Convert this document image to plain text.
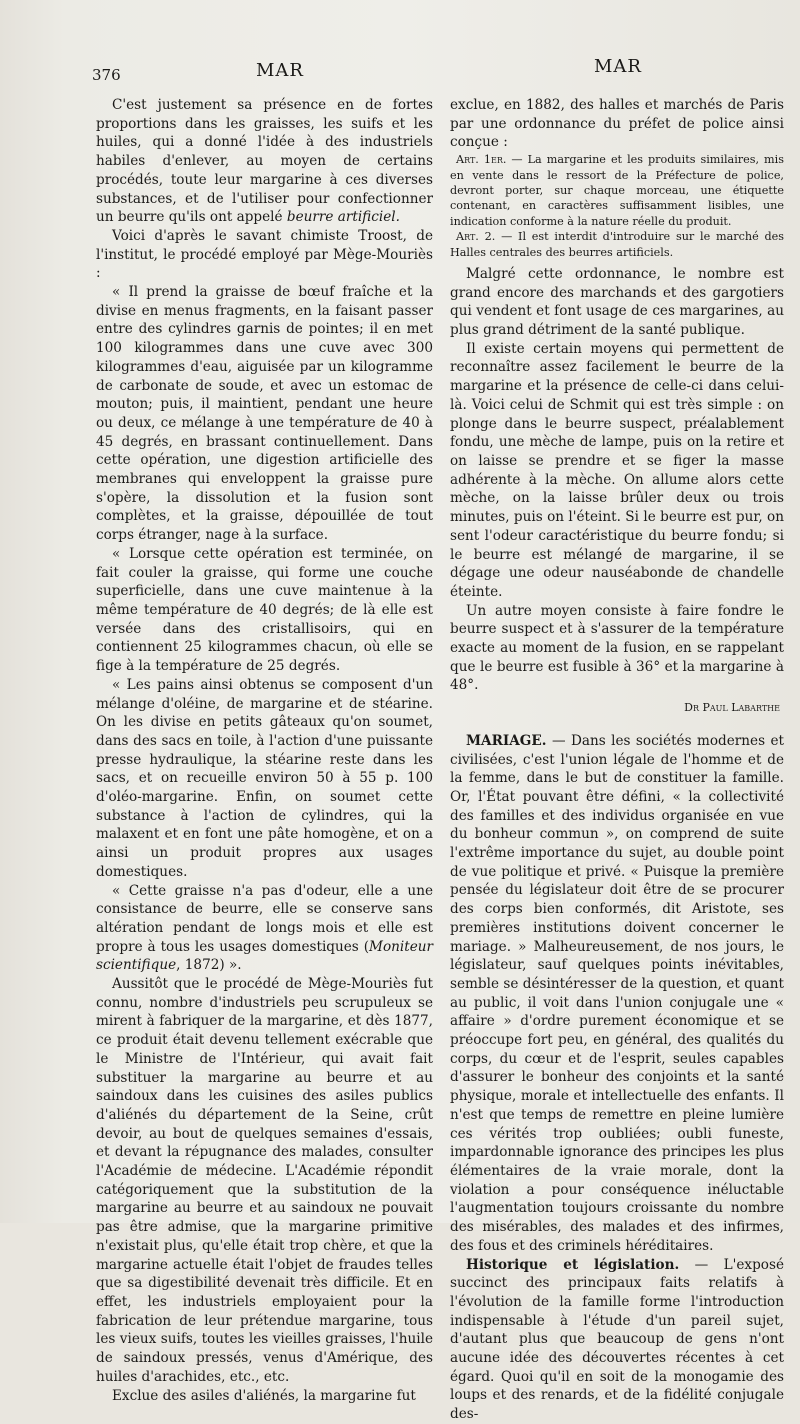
376	MAR	MAR

C'est justement sa présence en de fortes proportions dans les graisses, les suifs et les huiles, qui a donné l'idée à des industriels habiles d'enlever, au moyen de certains procédés, toute leur margarine à ces diverses substances, et de l'utiliser pour confectionner un beurre qu'ils ont appelé beurre artificiel.

Voici d'après le savant chimiste Troost, de l'institut, le procédé employé par Mège-Mouriès :

« Il prend la graisse de bœuf fraîche et la divise en menus fragments, en la faisant passer entre des cylindres garnis de pointes; il en met 100 kilogrammes dans une cuve avec 300 kilogrammes d'eau, aiguisée par un kilogramme de carbonate de soude, et avec un estomac de mouton; puis, il maintient, pendant une heure ou deux, ce mélange à une température de 40 à 45 degrés, en brassant continuellement. Dans cette opération, une digestion artificielle des membranes qui enveloppent la graisse pure s'opère, la dissolution et la fusion sont complètes, et la graisse, dépouillée de tout corps étranger, nage à la surface.

« Lorsque cette opération est terminée, on fait couler la graisse, qui forme une couche superficielle, dans une cuve maintenue à la même température de 40 degrés; de là elle est versée dans des cristallisoirs, qui en contiennent 25 kilogrammes chacun, où elle se fige à la température de 25 degrés.

« Les pains ainsi obtenus se composent d'un mélange d'oléine, de margarine et de stéarine. On les divise en petits gâteaux qu'on soumet, dans des sacs en toile, à l'action d'une puissante presse hydraulique, la stéarine reste dans les sacs, et on recueille environ 50 à 55 p. 100 d'oléo-margarine. Enfin, on soumet cette substance à l'action de cylindres, qui la malaxent et en font une pâte homogène, et on a ainsi un produit propres aux usages domestiques.

« Cette graisse n'a pas d'odeur, elle a une consistance de beurre, elle se conserve sans altération pendant de longs mois et elle est propre à tous les usages domestiques (Moniteur scientifique, 1872) ».

Aussitôt que le procédé de Mège-Mouriès fut connu, nombre d'industriels peu scrupuleux se mirent à fabriquer de la margarine, et dès 1877, ce produit était devenu tellement exécrable que le Ministre de l'Intérieur, qui avait fait substituer la margarine au beurre et au saindoux dans les cuisines des asiles publics d'aliénés du département de la Seine, crût devoir, au bout de quelques semaines d'essais, et devant la répugnance des malades, consulter l'Académie de médecine. L'Académie répondit catégoriquement que la substitution de la margarine au beurre et au saindoux ne pouvait pas être admise, que la margarine primitive n'existait plus, qu'elle était trop chère, et que la margarine actuelle était l'objet de fraudes telles que sa digestibilité devenait très difficile. Et en effet, les industriels employaient pour la fabrication de leur prétendue margarine, tous les vieux suifs, toutes les vieilles graisses, l'huile de saindoux pressés, venus d'Amérique, des huiles d'arachides, etc., etc.

Exclue des asiles d'aliénés, la margarine fut

exclue, en 1882, des halles et marchés de Paris par une ordonnance du préfet de police ainsi conçue :

Art. 1er. — La margarine et les produits similaires, mis en vente dans le ressort de la Préfecture de police, devront porter, sur chaque morceau, une étiquette contenant, en caractères suffisamment lisibles, une indication conforme à la nature réelle du produit.

Art. 2. — Il est interdit d'introduire sur le marché des Halles centrales des beurres artificiels.

Malgré cette ordonnance, le nombre est grand encore des marchands et des gargotiers qui vendent et font usage de ces margarines, au plus grand détriment de la santé publique.

Il existe certain moyens qui permettent de reconnaître assez facilement le beurre de la margarine et la présence de celle-ci dans celui-là. Voici celui de Schmit qui est très simple : on plonge dans le beurre suspect, préalablement fondu, une mèche de lampe, puis on la retire et on laisse se prendre et se figer la masse adhérente à la mèche. On allume alors cette mèche, on la laisse brûler deux ou trois minutes, puis on l'éteint. Si le beurre est pur, on sent l'odeur caractéristique du beurre fondu; si le beurre est mélangé de margarine, il se dégage une odeur nauséabonde de chandelle éteinte.

Un autre moyen consiste à faire fondre le beurre suspect et à s'assurer de la température exacte au moment de la fusion, en se rappelant que le beurre est fusible à 36° et la margarine à 48°.

Dr Paul Labarthe

MARIAGE. — Dans les sociétés modernes et civilisées, c'est l'union légale de l'homme et de la femme, dans le but de constituer la famille. Or, l'État pouvant être défini, « la collectivité des familles et des individus organisée en vue du bonheur commun », on comprend de suite l'extrême importance du sujet, au double point de vue politique et privé. « Puisque la première pensée du législateur doit être de se procurer des corps bien conformés, dit Aristote, ses premières institutions doivent concerner le mariage. » Malheureusement, de nos jours, le législateur, sauf quelques points inévitables, semble se désintéresser de la question, et quant au public, il voit dans l'union conjugale une « affaire » d'ordre purement économique et se préoccupe fort peu, en général, des qualités du corps, du cœur et de l'esprit, seules capables d'assurer le bonheur des conjoints et la santé physique, morale et intellectuelle des enfants. Il n'est que temps de remettre en pleine lumière ces vérités trop oubliées; oubli funeste, impardonnable ignorance des principes les plus élémentaires de la vraie morale, dont la violation a pour conséquence inéluctable l'augmentation toujours croissante du nombre des misérables, des malades et des infirmes, des fous et des criminels héréditaires.

Historique et législation. — L'exposé succinct des principaux faits relatifs à l'évolution de la famille forme l'introduction indispensable à l'étude d'un pareil sujet, d'autant plus que beaucoup de gens n'ont aucune idée des découvertes récentes à cet égard. Quoi qu'il en soit de la monogamie des loups et des renards, et de la fidélité conjugale des-
